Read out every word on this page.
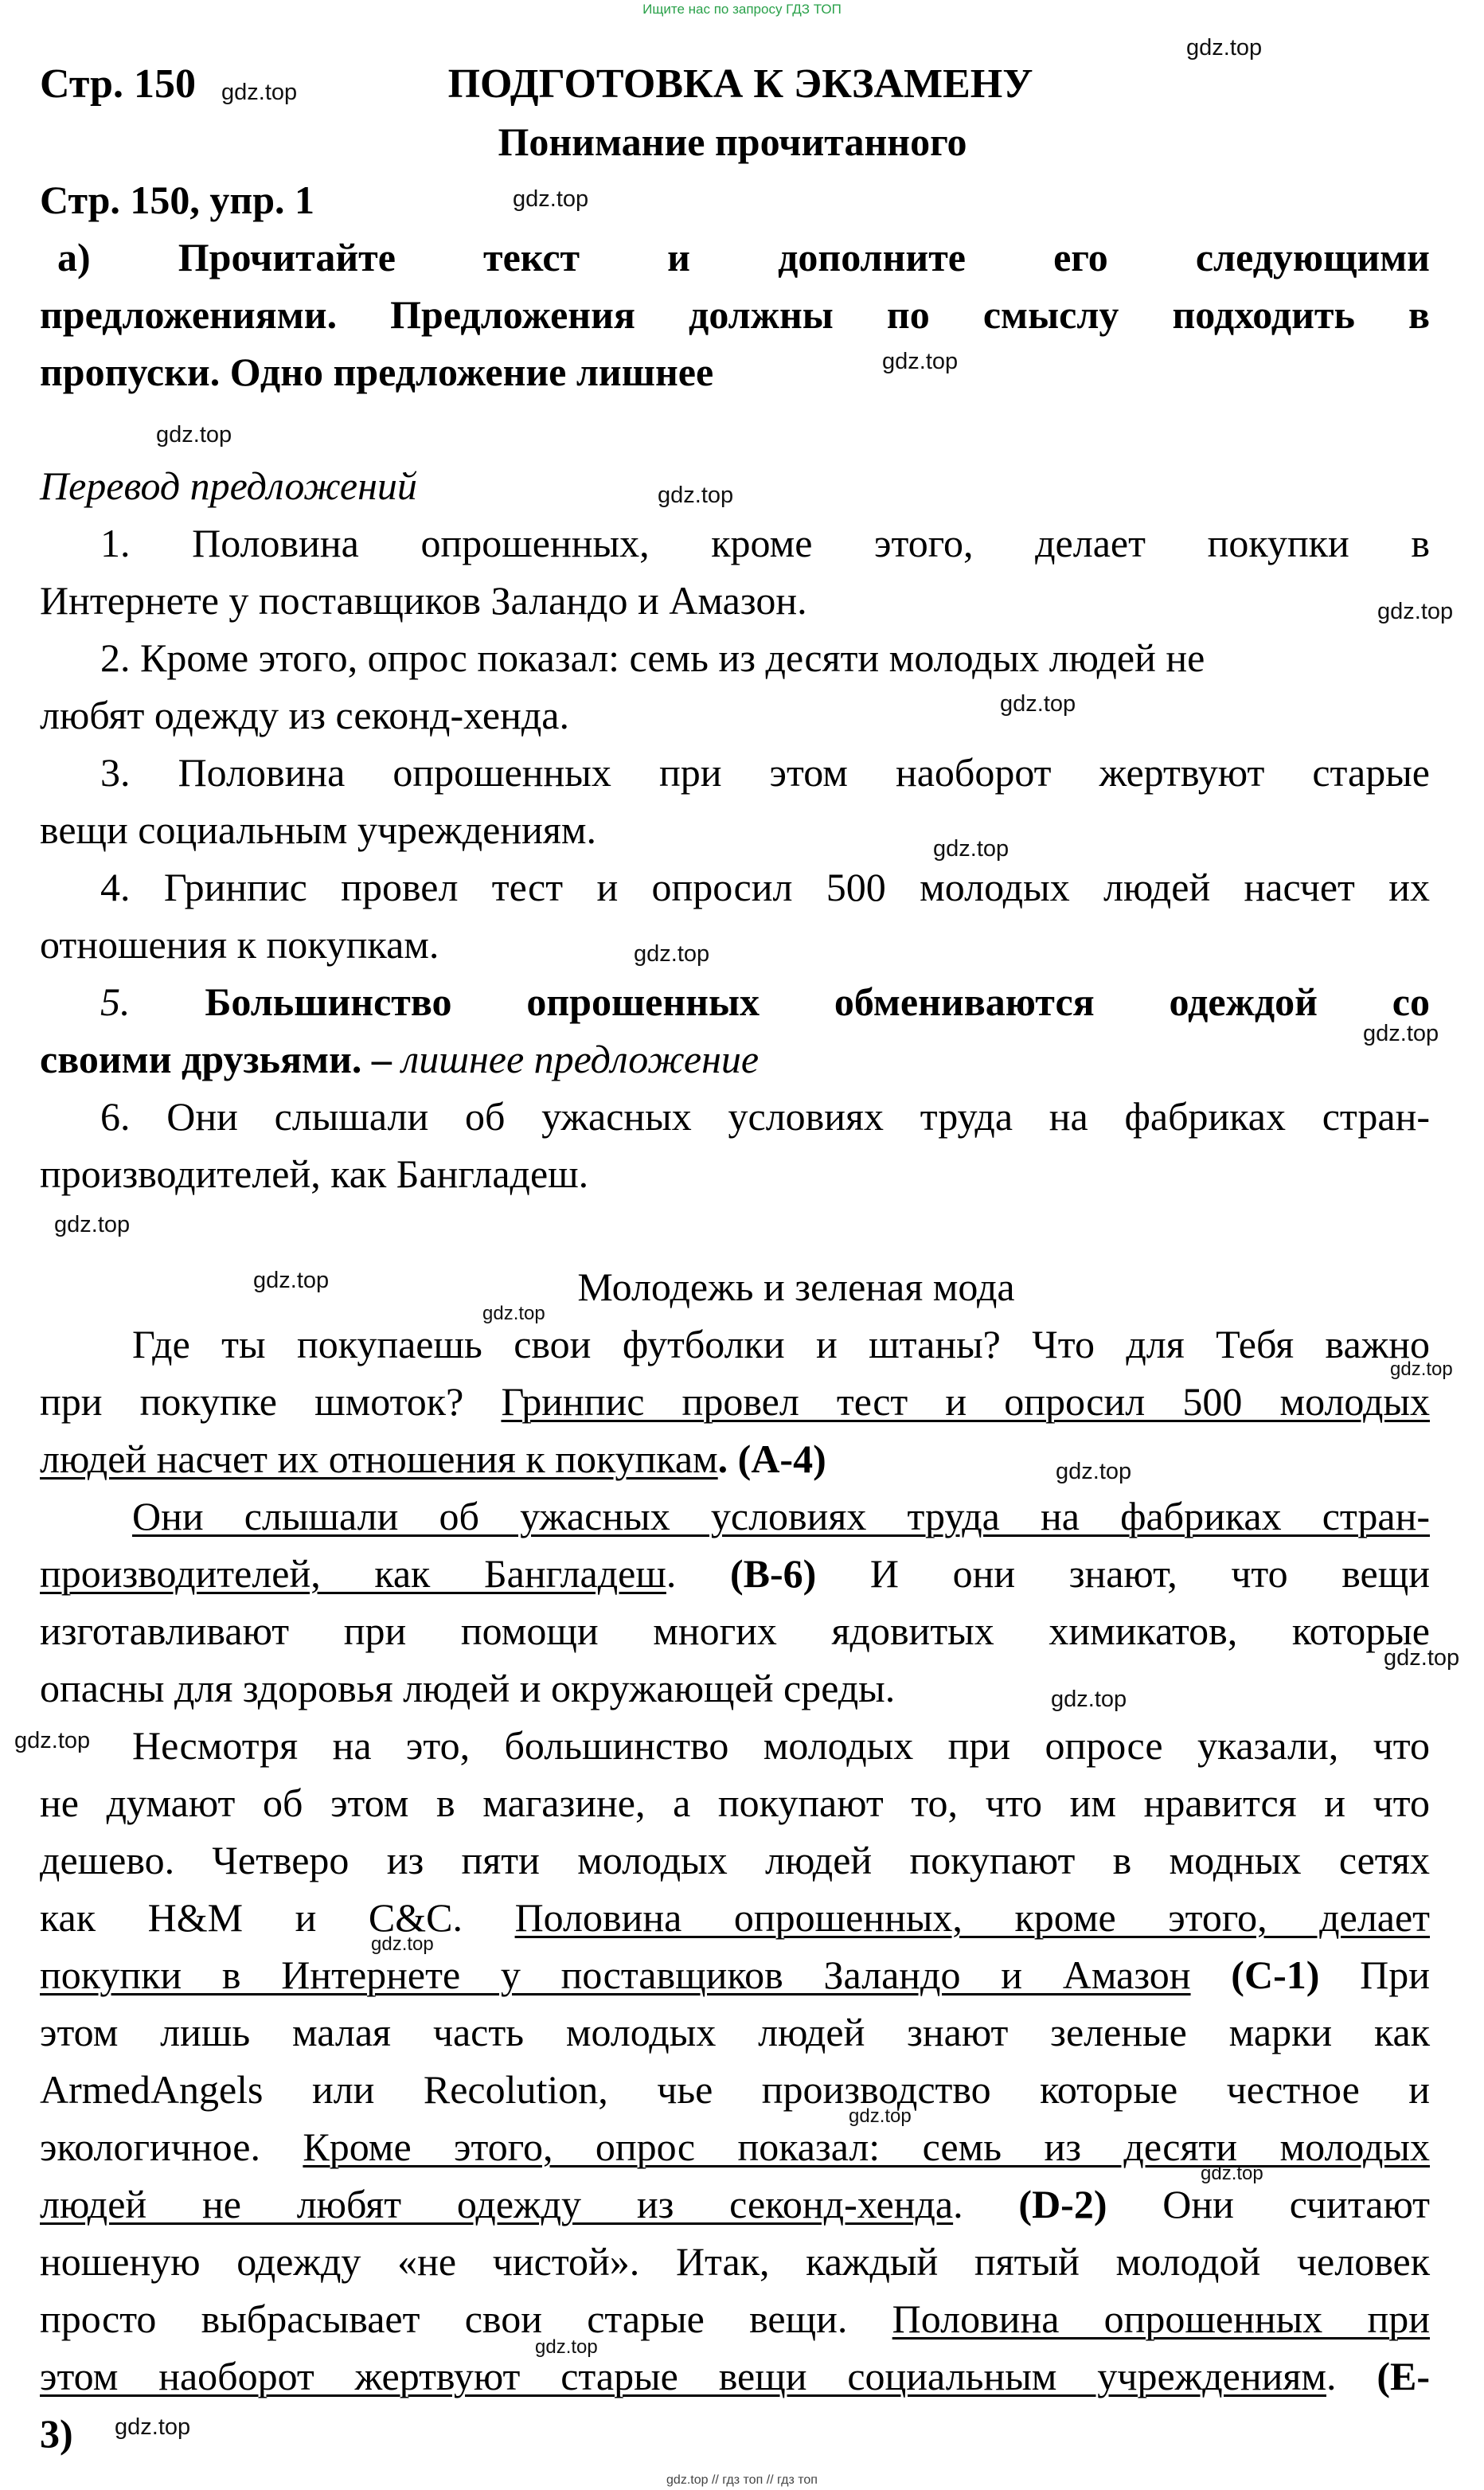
Ищите нас по запросу ГДЗ ТОП
Стр. 150	ПОДГОТОВКА К ЭКЗАМЕНУ
Понимание прочитанного
Стр. 150, упр. 1
а) Прочитайте текст и дополните его следующими
предложениями. Предложения должны по смыслу подходить в
пропуски. Одно предложение лишнее
Перевод предложений
1. Половина опрошенных, кроме этого, делает покупки в
Интернете у поставщиков Заландо и Амазон.
2. Кроме этого, опрос показал: семь из десяти молодых людей не
любят одежду из секонд-хенда.
3. Половина опрошенных при этом наоборот жертвуют старые
вещи социальным учреждениям.
4. Гринпис провел тест и опросил 500 молодых людей насчет их
отношения к покупкам.
5. Большинство опрошенных обмениваются одеждой со
своими друзьями. – лишнее предложение
6. Они слышали об ужасных условиях труда на фабриках стран-
производителей, как Бангладеш.
Молодежь и зеленая мода
Где ты покупаешь свои футболки и штаны? Что для Тебя важно
при покупке шмоток? Гринпис провел тест и опросил 500 молодых
людей насчет их отношения к покупкам. (A-4)
Они слышали об ужасных условиях труда на фабриках стран-
производителей, как Бангладеш. (B-6) И они знают, что вещи
изготавливают при помощи многих ядовитых химикатов, которые
опасны для здоровья людей и окружающей среды.
Несмотря на это, большинство молодых при опросе указали, что
не думают об этом в магазине, а покупают то, что им нравится и что
дешево. Четверо из пяти молодых людей покупают в модных сетях
как H&M и C&C. Половина опрошенных, кроме этого, делает
покупки в Интернете у поставщиков Заландо и Амазон (C-1) При
этом лишь малая часть молодых людей знают зеленые марки как
ArmedAngels или Recolution, чье производство которые честное и
экологичное. Кроме этого, опрос показал: семь из десяти молодых
людей не любят одежду из секонд-хенда. (D-2) Они считают
ношеную одежду «не чистой». Итак, каждый пятый молодой человек
просто выбрасывает свои старые вещи. Половина опрошенных при
этом наоборот жертвуют старые вещи социальным учреждениям. (E-
3)
gdz.top
gdz.top
gdz.top
gdz.top
gdz.top
gdz.top
gdz.top
gdz.top
gdz.top
gdz.top
gdz.top
gdz.top
gdz.top
gdz.top
gdz.top
gdz.top
gdz.top
gdz.top
gdz.top
gdz.top
gdz.top
gdz.top
gdz.top
gdz.top
gdz.top // гдз топ // гдз топ
